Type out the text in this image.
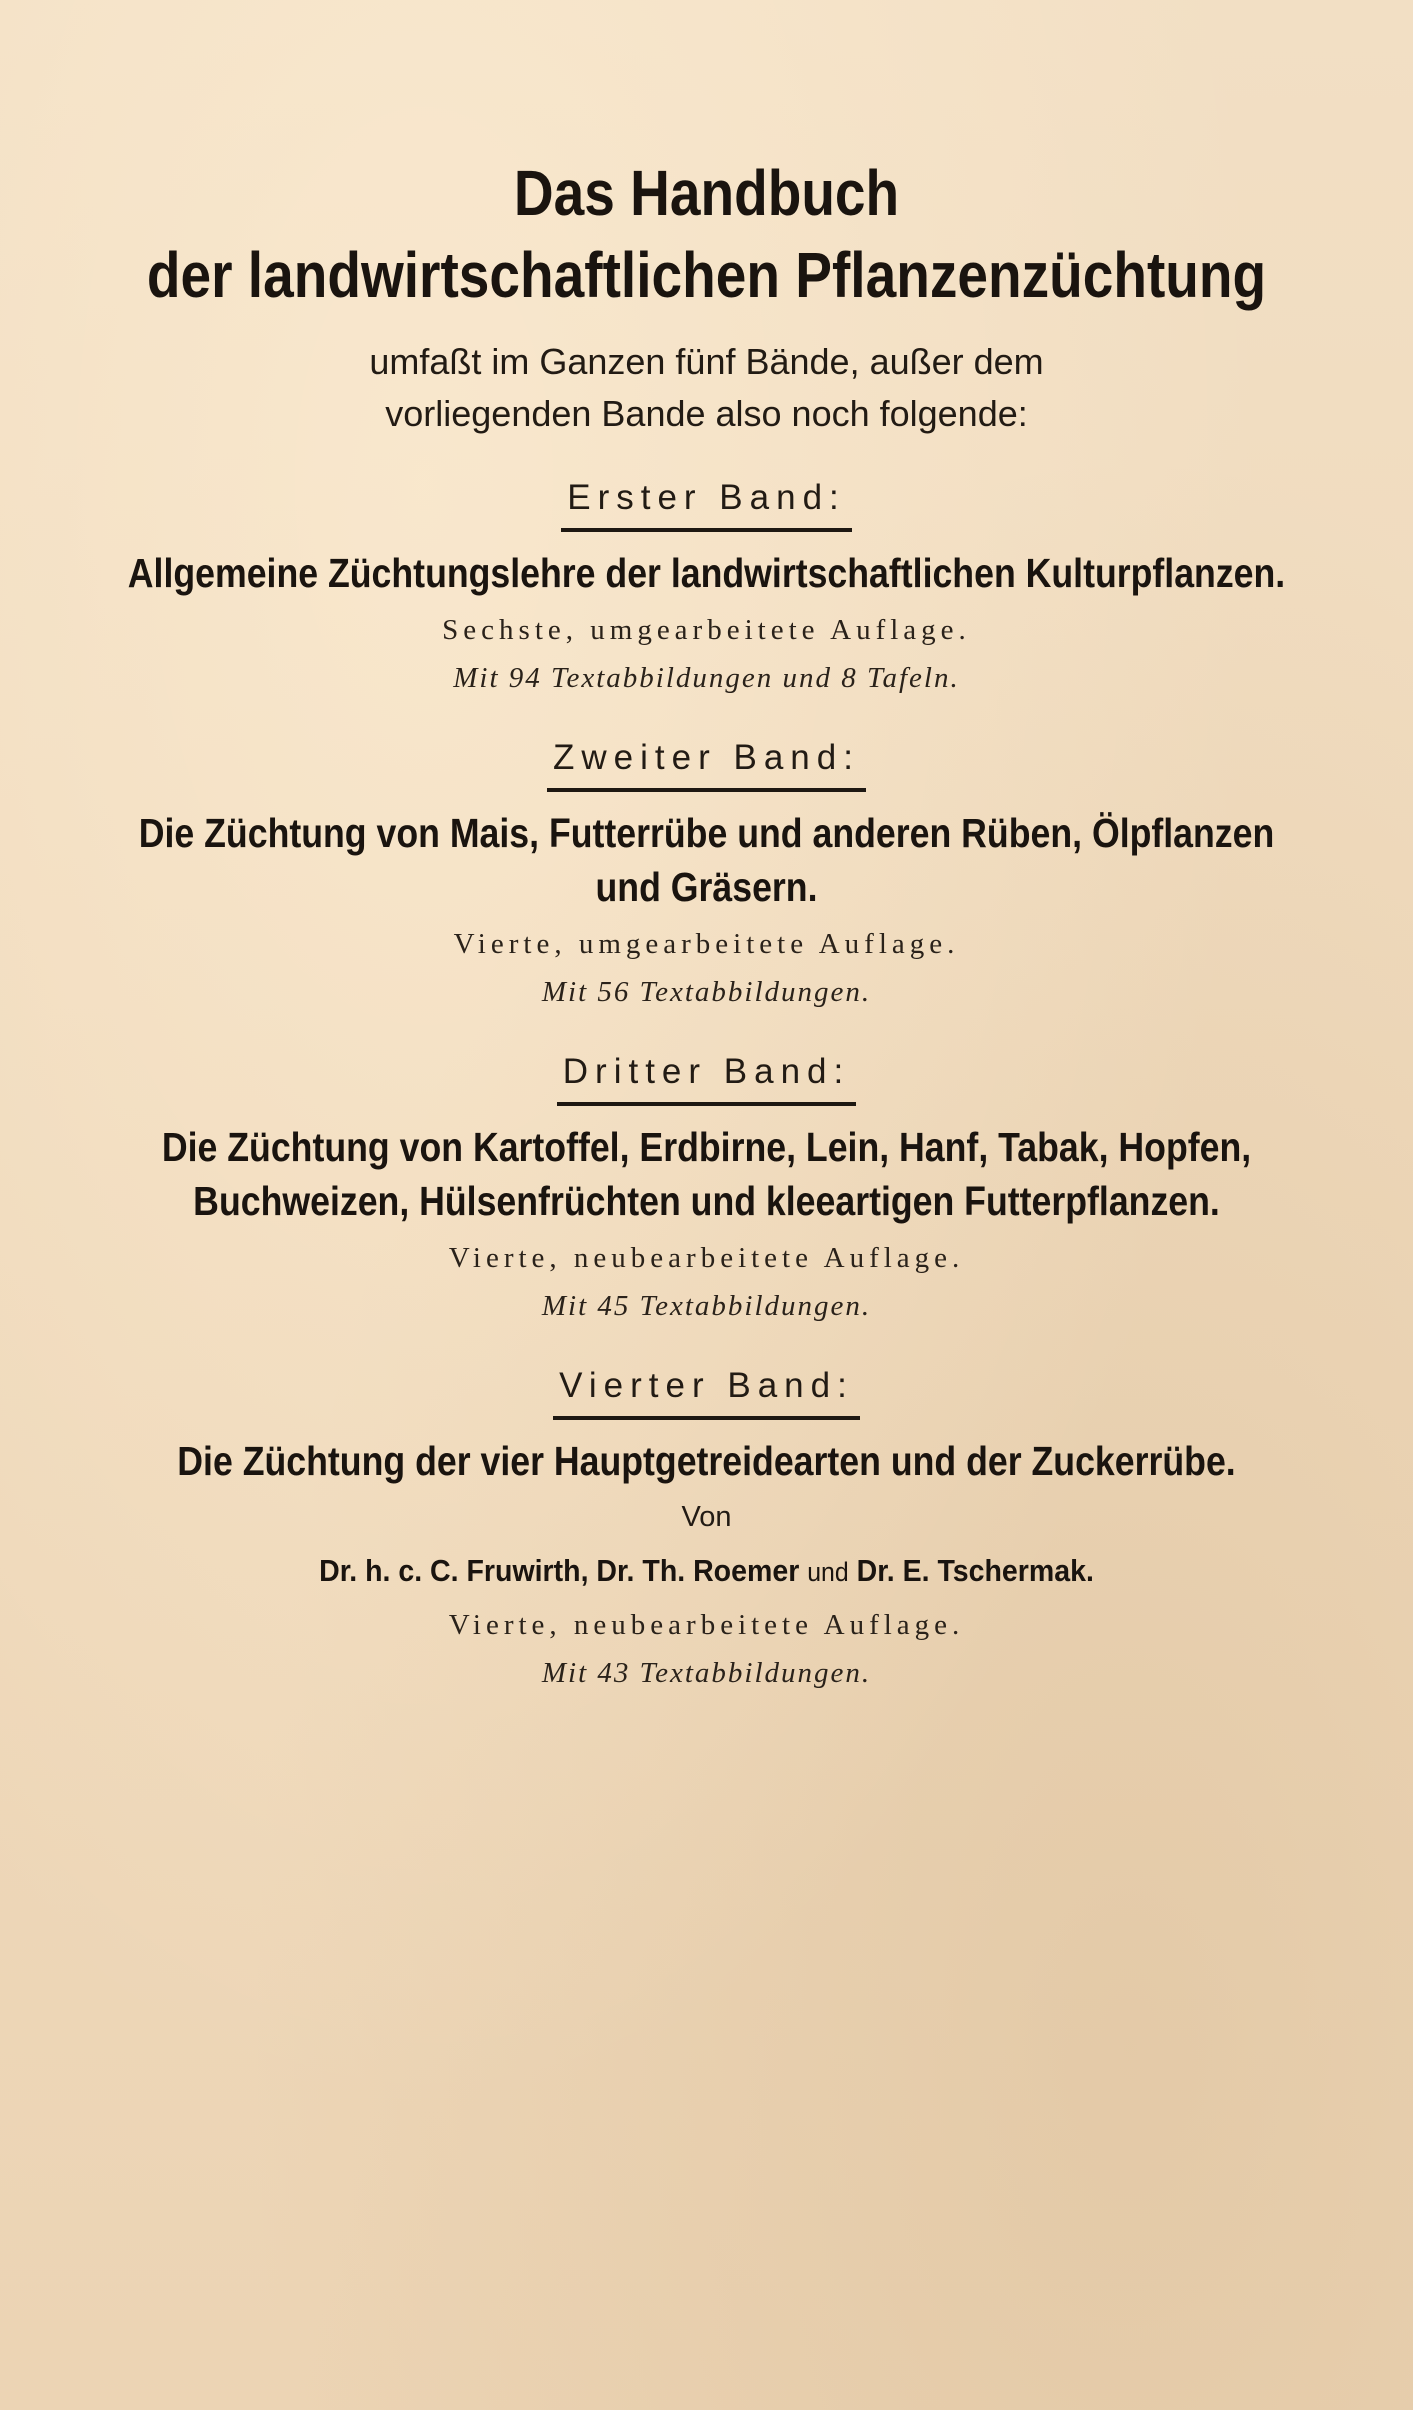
Das Handbuch
der landwirtschaftlichen Pflanzenzüchtung
umfaßt im Ganzen fünf Bände, außer dem
vorliegenden Bande also noch folgende:
Erster Band:
Allgemeine Züchtungslehre der landwirtschaftlichen Kulturpflanzen.
Sechste, umgearbeitete Auflage.
Mit 94 Textabbildungen und 8 Tafeln.
Zweiter Band:
Die Züchtung von Mais, Futterrübe und anderen Rüben, Ölpflanzen
und Gräsern.
Vierte, umgearbeitete Auflage.
Mit 56 Textabbildungen.
Dritter Band:
Die Züchtung von Kartoffel, Erdbirne, Lein, Hanf, Tabak, Hopfen,
Buchweizen, Hülsenfrüchten und kleeartigen Futterpflanzen.
Vierte, neubearbeitete Auflage.
Mit 45 Textabbildungen.
Vierter Band:
Die Züchtung der vier Hauptgetreidearten und der Zuckerrübe.
Von
Dr. h. c. C. Fruwirth, Dr. Th. Roemer und Dr. E. Tschermak.
Vierte, neubearbeitete Auflage.
Mit 43 Textabbildungen.
